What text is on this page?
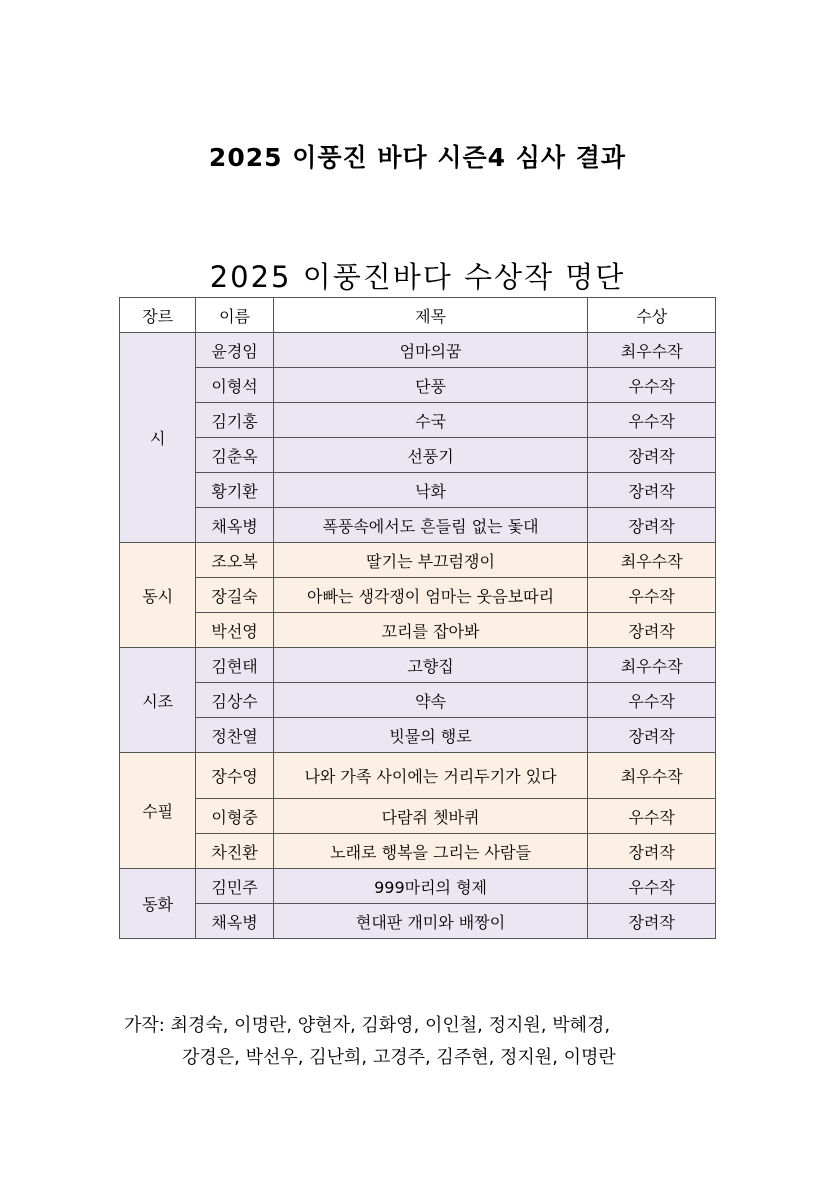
2025 이풍진 바다 시즌4 심사 결과
2025 이풍진바다 수상작 명단
장르	이름	제목	수상
시	윤경임	엄마의꿈	최우수작
	이형석	단풍	우수작
	김기홍	수국	우수작
	김춘옥	선풍기	장려작
	황기환	낙화	장려작
	채옥병	폭풍속에서도 흔들림 없는 돛대	장려작
동시	조오복	딸기는 부끄럼쟁이	최우수작
	장길숙	아빠는 생각쟁이 엄마는 웃음보따리	우수작
	박선영	꼬리를 잡아봐	장려작
시조	김현태	고향집	최우수작
	김상수	약속	우수작
	정찬열	빗물의 행로	장려작
수필	장수영	나와 가족 사이에는 거리두기가 있다	최우수작
	이형중	다람쥐 쳇바퀴	우수작
	차진환	노래로 행복을 그리는 사람들	장려작
동화	김민주	999마리의 형제	우수작
	채옥병	현대판 개미와 배짱이	장려작
가작: 최경숙, 이명란, 양현자, 김화영, 이인철, 정지원, 박혜경,
강경은, 박선우, 김난희, 고경주, 김주현, 정지원, 이명란
